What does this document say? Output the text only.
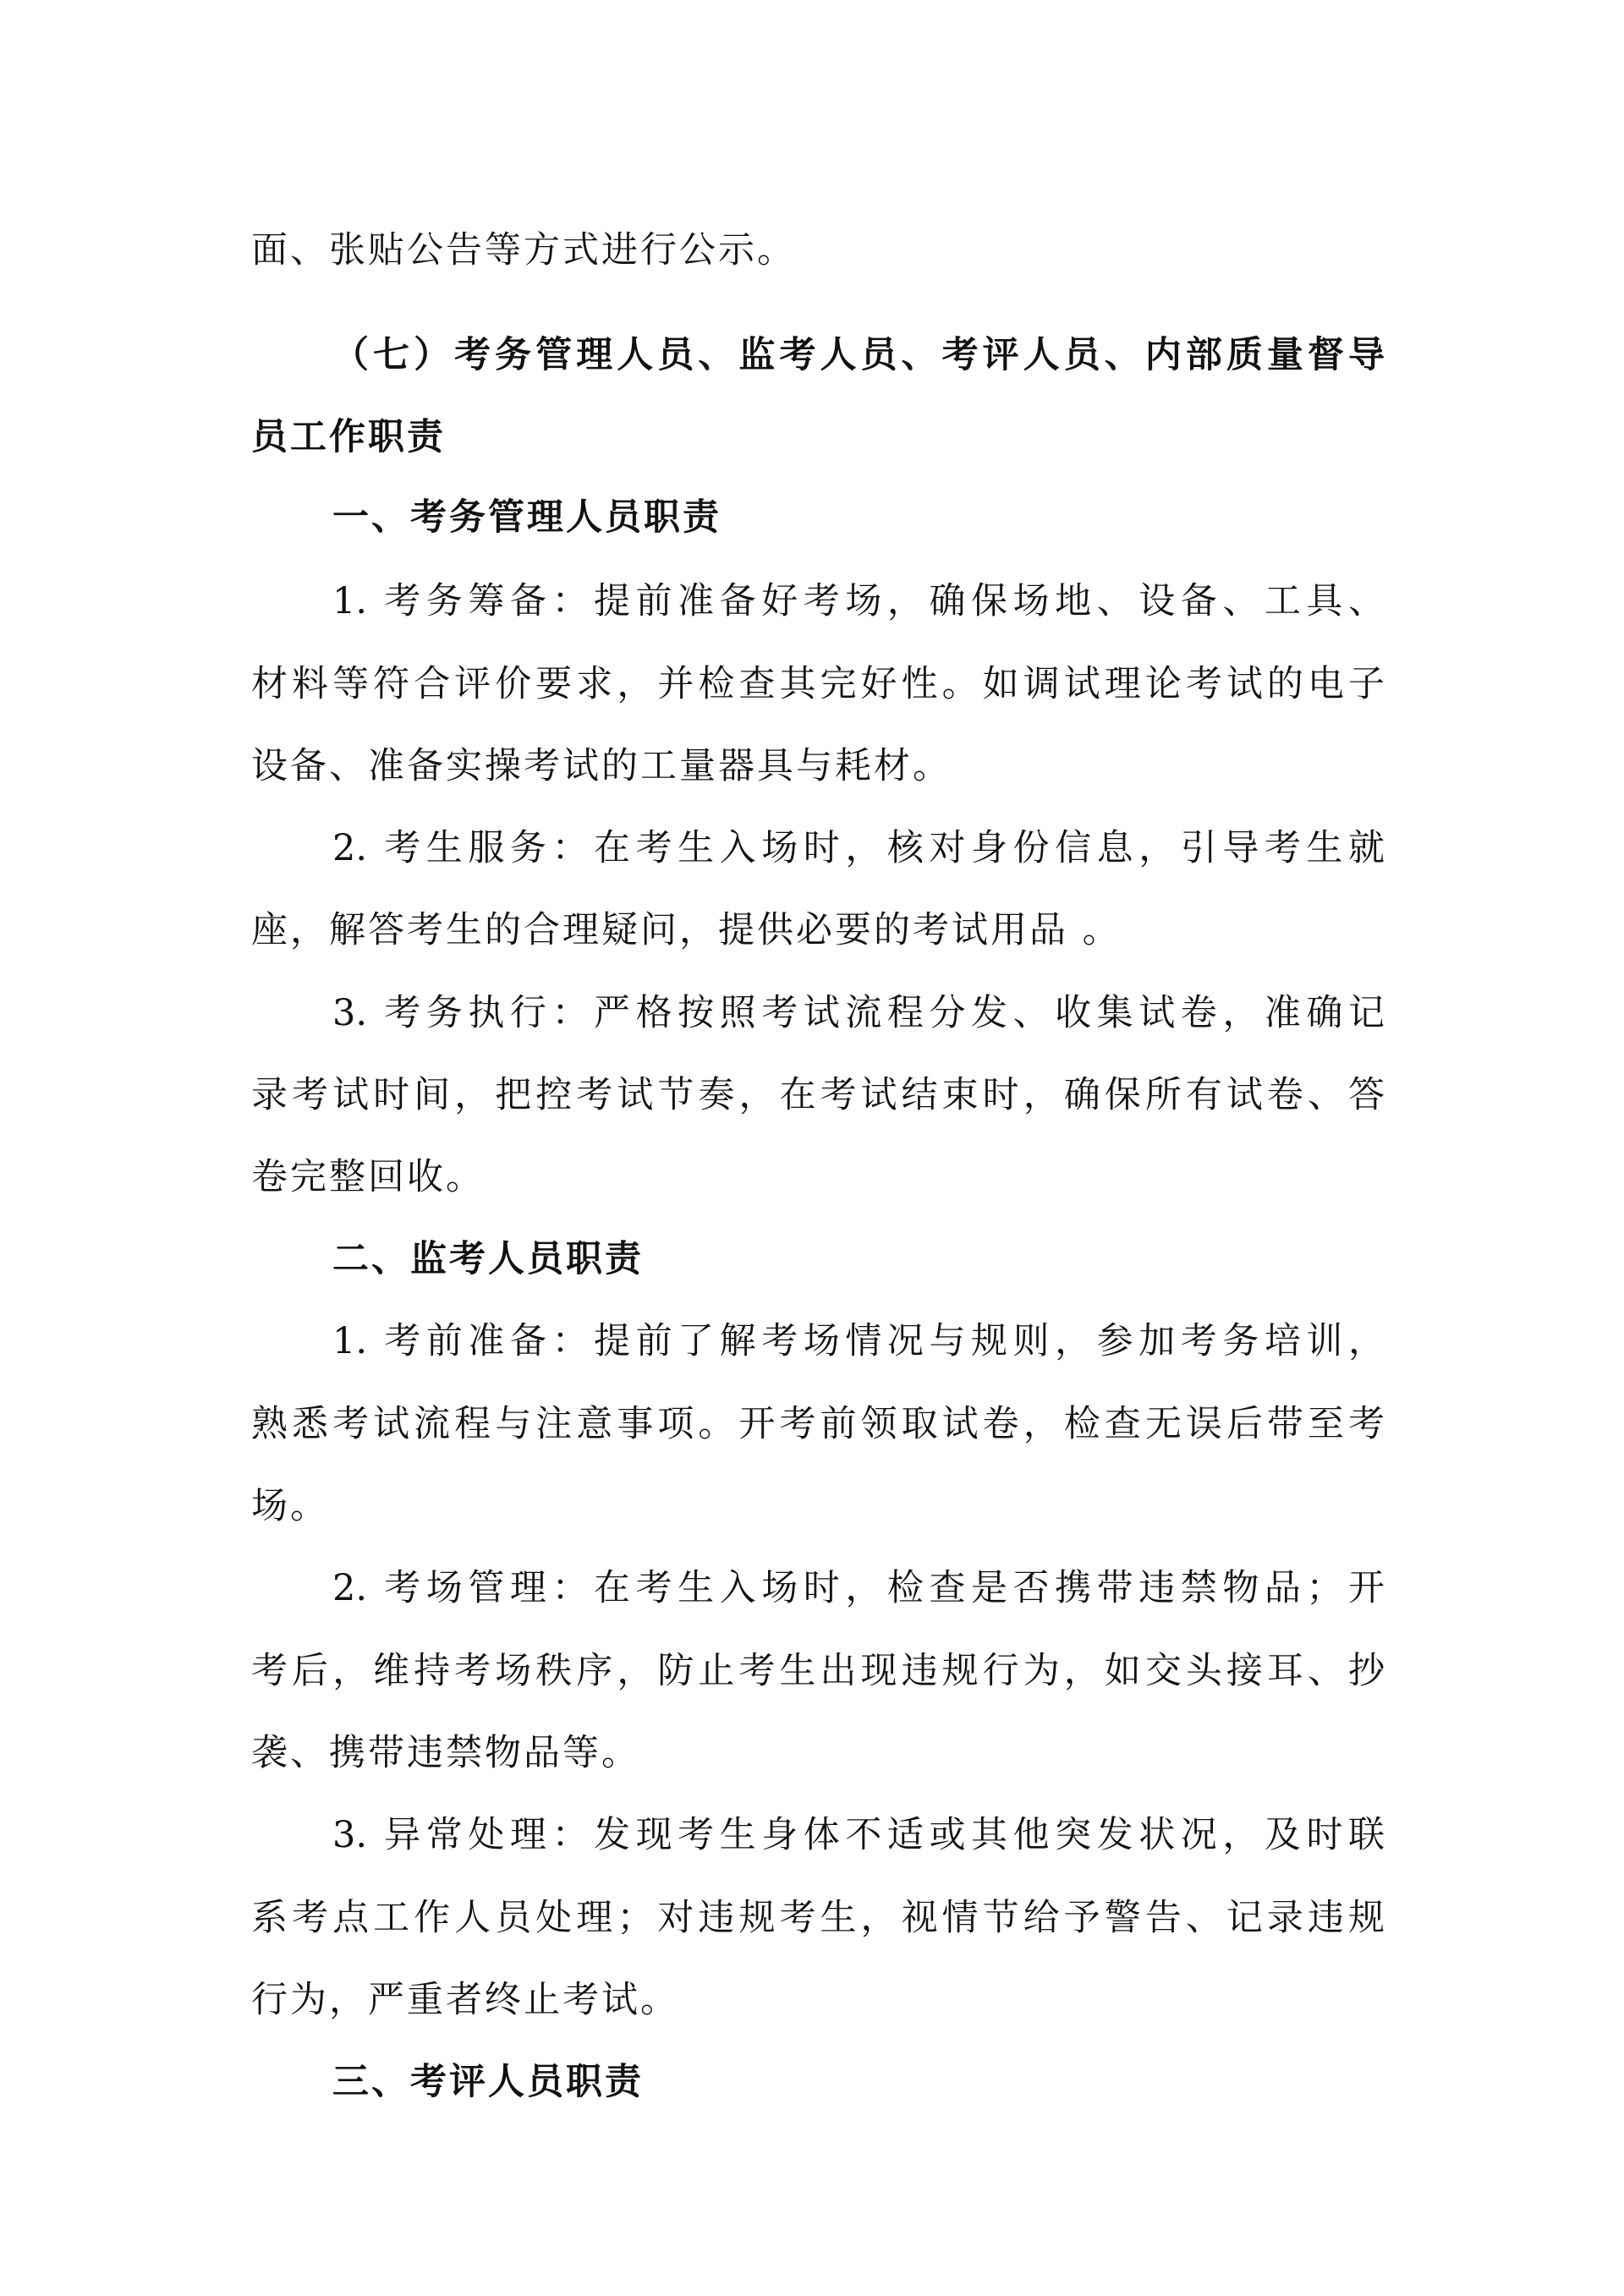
面、张贴公告等方式进行公示。

（七）考务管理人员、监考人员、考评人员、内部质量督导

员工作职责

一、考务管理人员职责

1. 考务筹备：提前准备好考场，确保场地、设备、工具、

材料等符合评价要求，并检查其完好性。如调试理论考试的电子

设备、准备实操考试的工量器具与耗材。

2. 考生服务：在考生入场时，核对身份信息，引导考生就

座，解答考生的合理疑问，提供必要的考试用品 。

3. 考务执行：严格按照考试流程分发、收集试卷，准确记

录考试时间，把控考试节奏，在考试结束时，确保所有试卷、答

卷完整回收。

二、监考人员职责

1. 考前准备：提前了解考场情况与规则，参加考务培训，

熟悉考试流程与注意事项。开考前领取试卷，检查无误后带至考

场。

2. 考场管理：在考生入场时，检查是否携带违禁物品；开

考后，维持考场秩序，防止考生出现违规行为，如交头接耳、抄

袭、携带违禁物品等。

3. 异常处理：发现考生身体不适或其他突发状况，及时联

系考点工作人员处理；对违规考生，视情节给予警告、记录违规

行为，严重者终止考试。

三、考评人员职责
